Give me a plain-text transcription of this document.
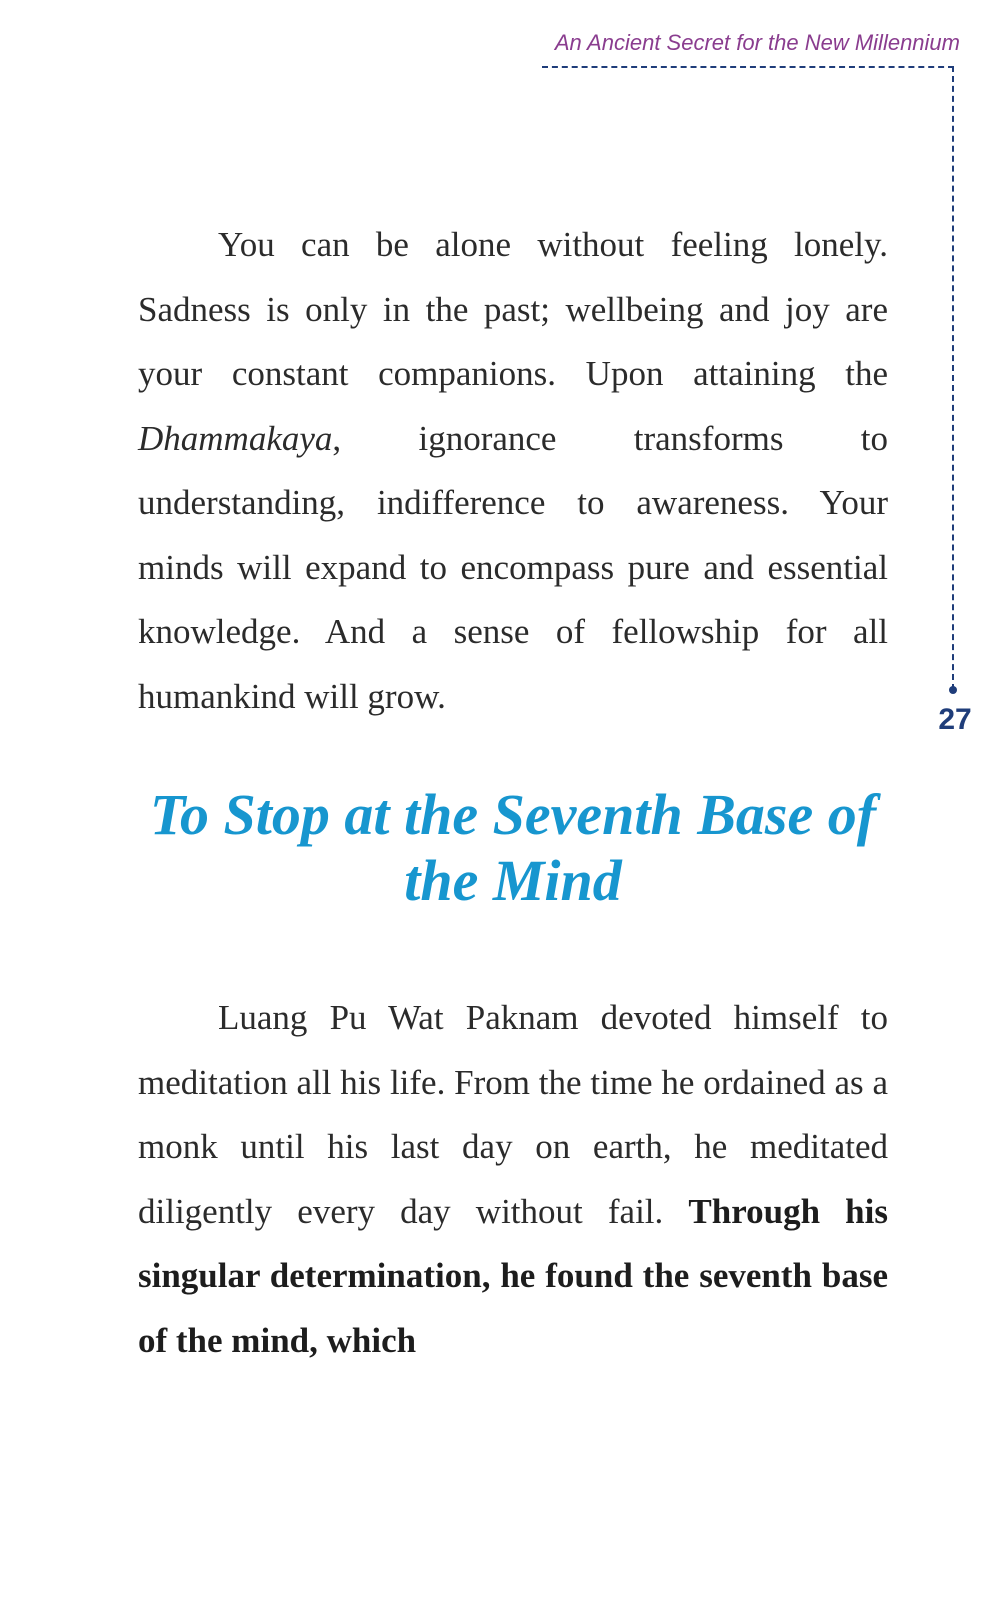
An Ancient Secret for the New Millennium
27

You can be alone without feeling lonely. Sadness is only in the past; wellbeing and joy are your constant companions. Upon attaining the Dhammakaya, ignorance transforms to understanding, indifference to awareness. Your minds will expand to encompass pure and essential knowledge. And a sense of fellowship for all humankind will grow.

To Stop at the Seventh Base of the Mind

Luang Pu Wat Paknam devoted himself to meditation all his life. From the time he ordained as a monk until his last day on earth, he meditated diligently every day without fail. Through his singular determination, he found the seventh base of the mind, which
